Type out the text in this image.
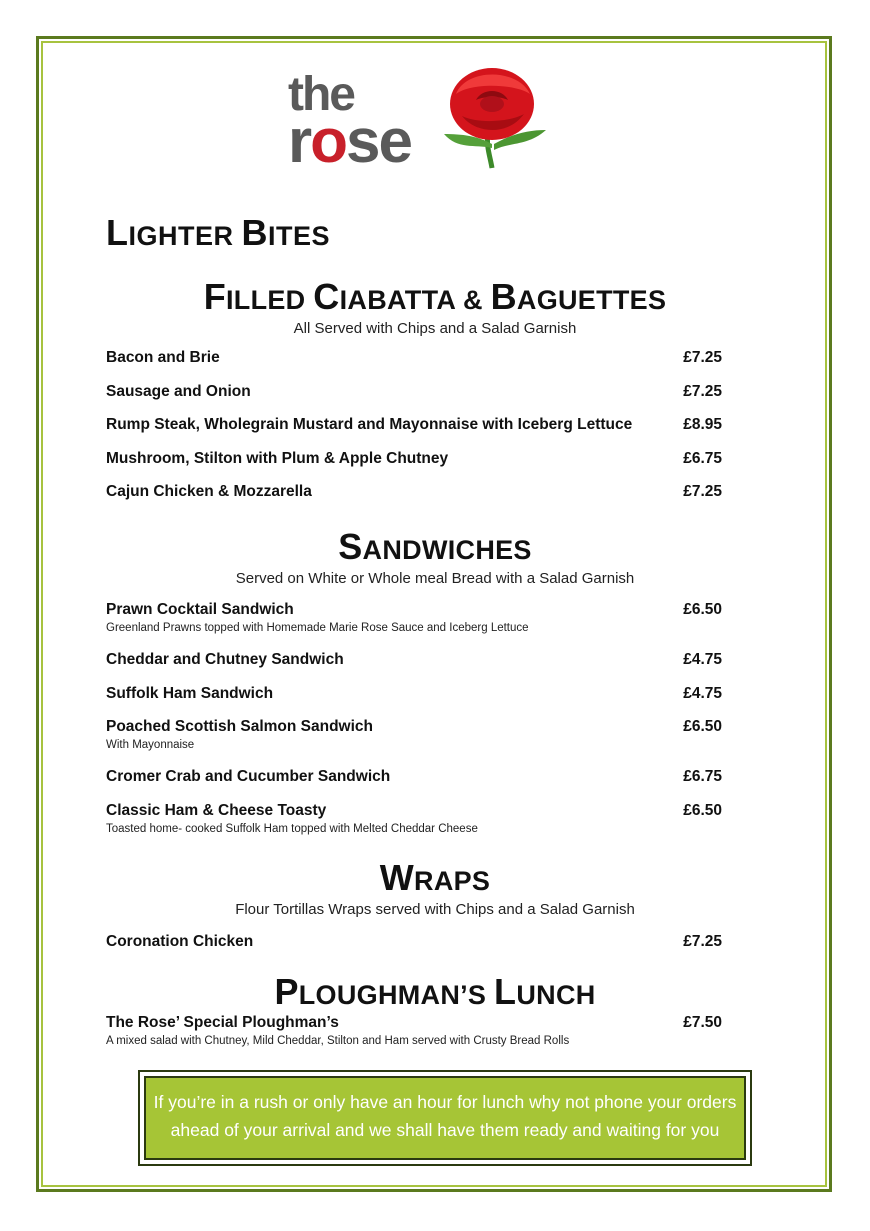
the
rose
LIGHTER BITES
FILLED CIABATTA & BAGUETTES
All Served with Chips and a Salad Garnish
Bacon and Brie	£7.25
Sausage and Onion	£7.25
Rump Steak, Wholegrain Mustard and Mayonnaise with Iceberg Lettuce	£8.95
Mushroom, Stilton with Plum & Apple Chutney	£6.75
Cajun Chicken & Mozzarella	£7.25
SANDWICHES
Served on White or Whole meal Bread with a Salad Garnish
Prawn Cocktail Sandwich	£6.50
Greenland Prawns topped with Homemade Marie Rose Sauce and Iceberg Lettuce
Cheddar and Chutney Sandwich	£4.75
Suffolk Ham Sandwich	£4.75
Poached Scottish Salmon Sandwich	£6.50
With Mayonnaise
Cromer Crab and Cucumber Sandwich	£6.75
Classic Ham & Cheese Toasty	£6.50
Toasted home- cooked Suffolk Ham topped with Melted Cheddar Cheese
WRAPS
Flour Tortillas Wraps served with Chips and a Salad Garnish
Coronation Chicken	£7.25
PLOUGHMAN’S LUNCH
The Rose’ Special Ploughman’s	£7.50
A mixed salad with Chutney, Mild Cheddar, Stilton and Ham served with Crusty Bread Rolls
If you’re in a rush or only have an hour for lunch why not phone your orders
ahead of your arrival and we shall have them ready and waiting for you
